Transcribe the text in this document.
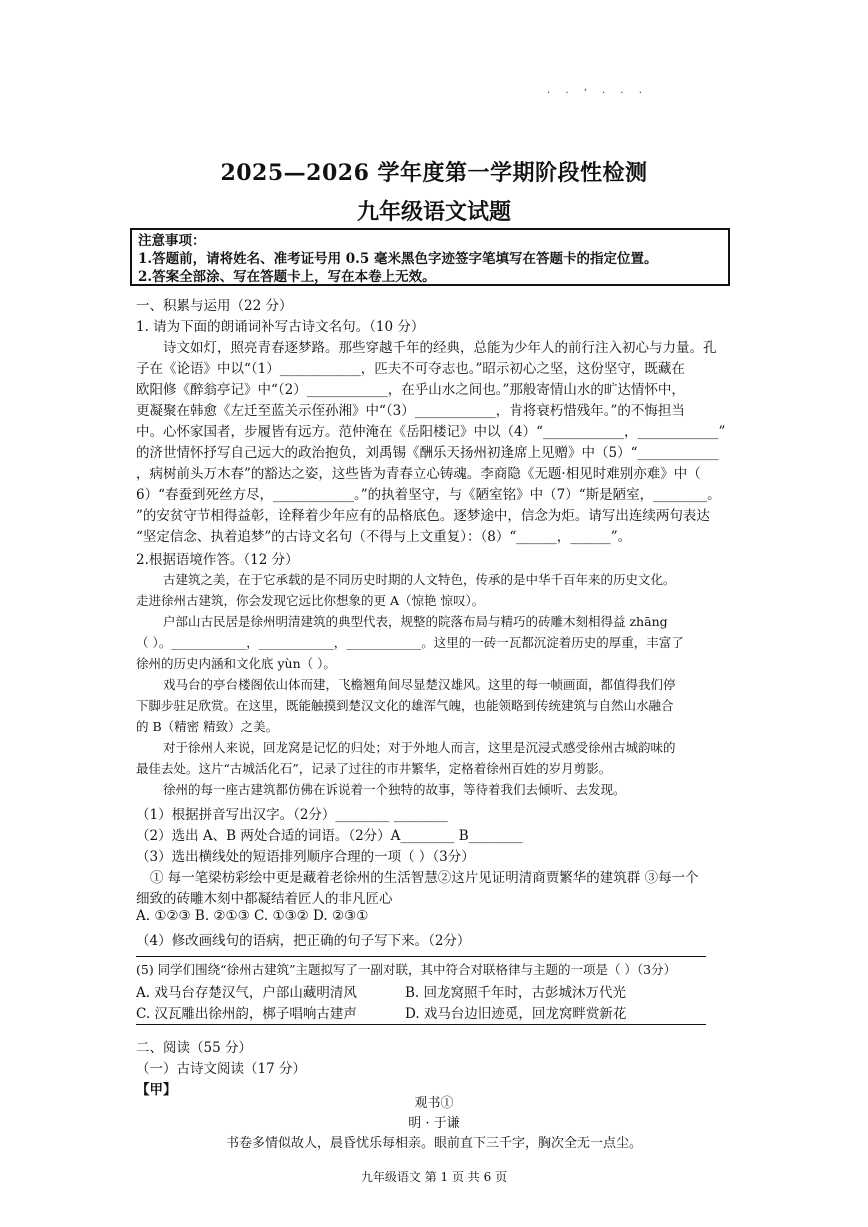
· · ‘ · · ·
2025—2026 学年度第一学期阶段性检测
九年级语文试题
注意事项：
1.答题前，请将姓名、准考证号用 0.5 毫米黑色字迹签字笔填写在答题卡的指定位置。
2.答案全部涂、写在答题卡上，写在本卷上无效。
一、积累与运用（22 分）
1. 请为下面的朗诵词补写古诗文名句。（10 分）
诗文如灯，照亮青春逐梦路。那些穿越千年的经典，总能为少年人的前行注入初心与力量。孔
子在《论语》中以“（1）____________，匹夫不可夺志也。”昭示初心之坚，这份坚守，既藏在
欧阳修《醉翁亭记》中“（2）____________，在乎山水之间也。”那般寄情山水的旷达情怀中，
更凝聚在韩愈《左迁至蓝关示侄孙湘》中“（3）____________，肯将衰朽惜残年。”的不悔担当
中。心怀家国者，步履皆有远方。范仲淹在《岳阳楼记》中以（4）“____________，____________”
的济世情怀抒写自己远大的政治抱负，刘禹锡《酬乐天扬州初逢席上见赠》中（5）“____________
，病树前头万木春”的豁达之姿，这些皆为青春立心铸魂。李商隐《无题·相见时难别亦难》中（
6）“春蚕到死丝方尽，____________。”的执着坚守，与《陋室铭》中（7）“斯是陋室，________。
”的安贫守节相得益彰，诠释着少年应有的品格底色。逐梦途中，信念为炬。请写出连续两句表达
“坚定信念、执着追梦”的古诗文名句（不得与上文重复）：（8）“______，______”。
2.根据语境作答。（12 分）
古建筑之美，在于它承载的是不同历史时期的人文特色，传承的是中华千百年来的历史文化。
走进徐州古建筑，你会发现它远比你想象的更 A（惊艳 惊叹）。
户部山古民居是徐州明清建筑的典型代表，规整的院落布局与精巧的砖雕木刻相得益 zhāng
（ ）。____________，____________，____________。这里的一砖一瓦都沉淀着历史的厚重，丰富了
徐州的历史内涵和文化底 yùn（ ）。
戏马台的亭台楼阁依山体而建，飞檐翘角间尽显楚汉雄风。这里的每一帧画面，都值得我们停
下脚步驻足欣赏。在这里，既能触摸到楚汉文化的雄浑气魄，也能领略到传统建筑与自然山水融合
的 B（精密 精致）之美。
对于徐州人来说，回龙窝是记忆的归处；对于外地人而言，这里是沉浸式感受徐州古城韵味的
最佳去处。这片“古城活化石”，记录了过往的市井繁华，定格着徐州百姓的岁月剪影。
徐州的每一座古建筑都仿佛在诉说着一个独特的故事，等待着我们去倾听、去发现。
（1）根据拼音写出汉字。（2分）________ ________
（2）选出 A、B 两处合适的词语。（2分）A________ B________
（3）选出横线处的短语排列顺序合理的一项（ ）（3分）
① 每一笔梁枋彩绘中更是藏着老徐州的生活智慧②这片见证明清商贾繁华的建筑群 ③每一个
细致的砖雕木刻中都凝结着匠人的非凡匠心
A. ①②③ B. ②①③ C. ①③② D. ②③①
（4）修改画线句的语病，把正确的句子写下来。（2分）
(5) 同学们围绕“徐州古建筑”主题拟写了一副对联，其中符合对联格律与主题的一项是（ ）（3分）
A. 戏马台存楚汉气，户部山藏明清风	B. 回龙窝照千年时，古彭城沐万代光
C. 汉瓦雕出徐州韵，梆子唱响古建声	D. 戏马台边旧迹觅，回龙窝畔赏新花
二、阅读（55 分）
（一）古诗文阅读（17 分）
【甲】
观书①
明 · 于谦
书卷多情似故人，晨昏忧乐每相亲。眼前直下三千字，胸次全无一点尘。
九年级语文 第 1 页 共 6 页
